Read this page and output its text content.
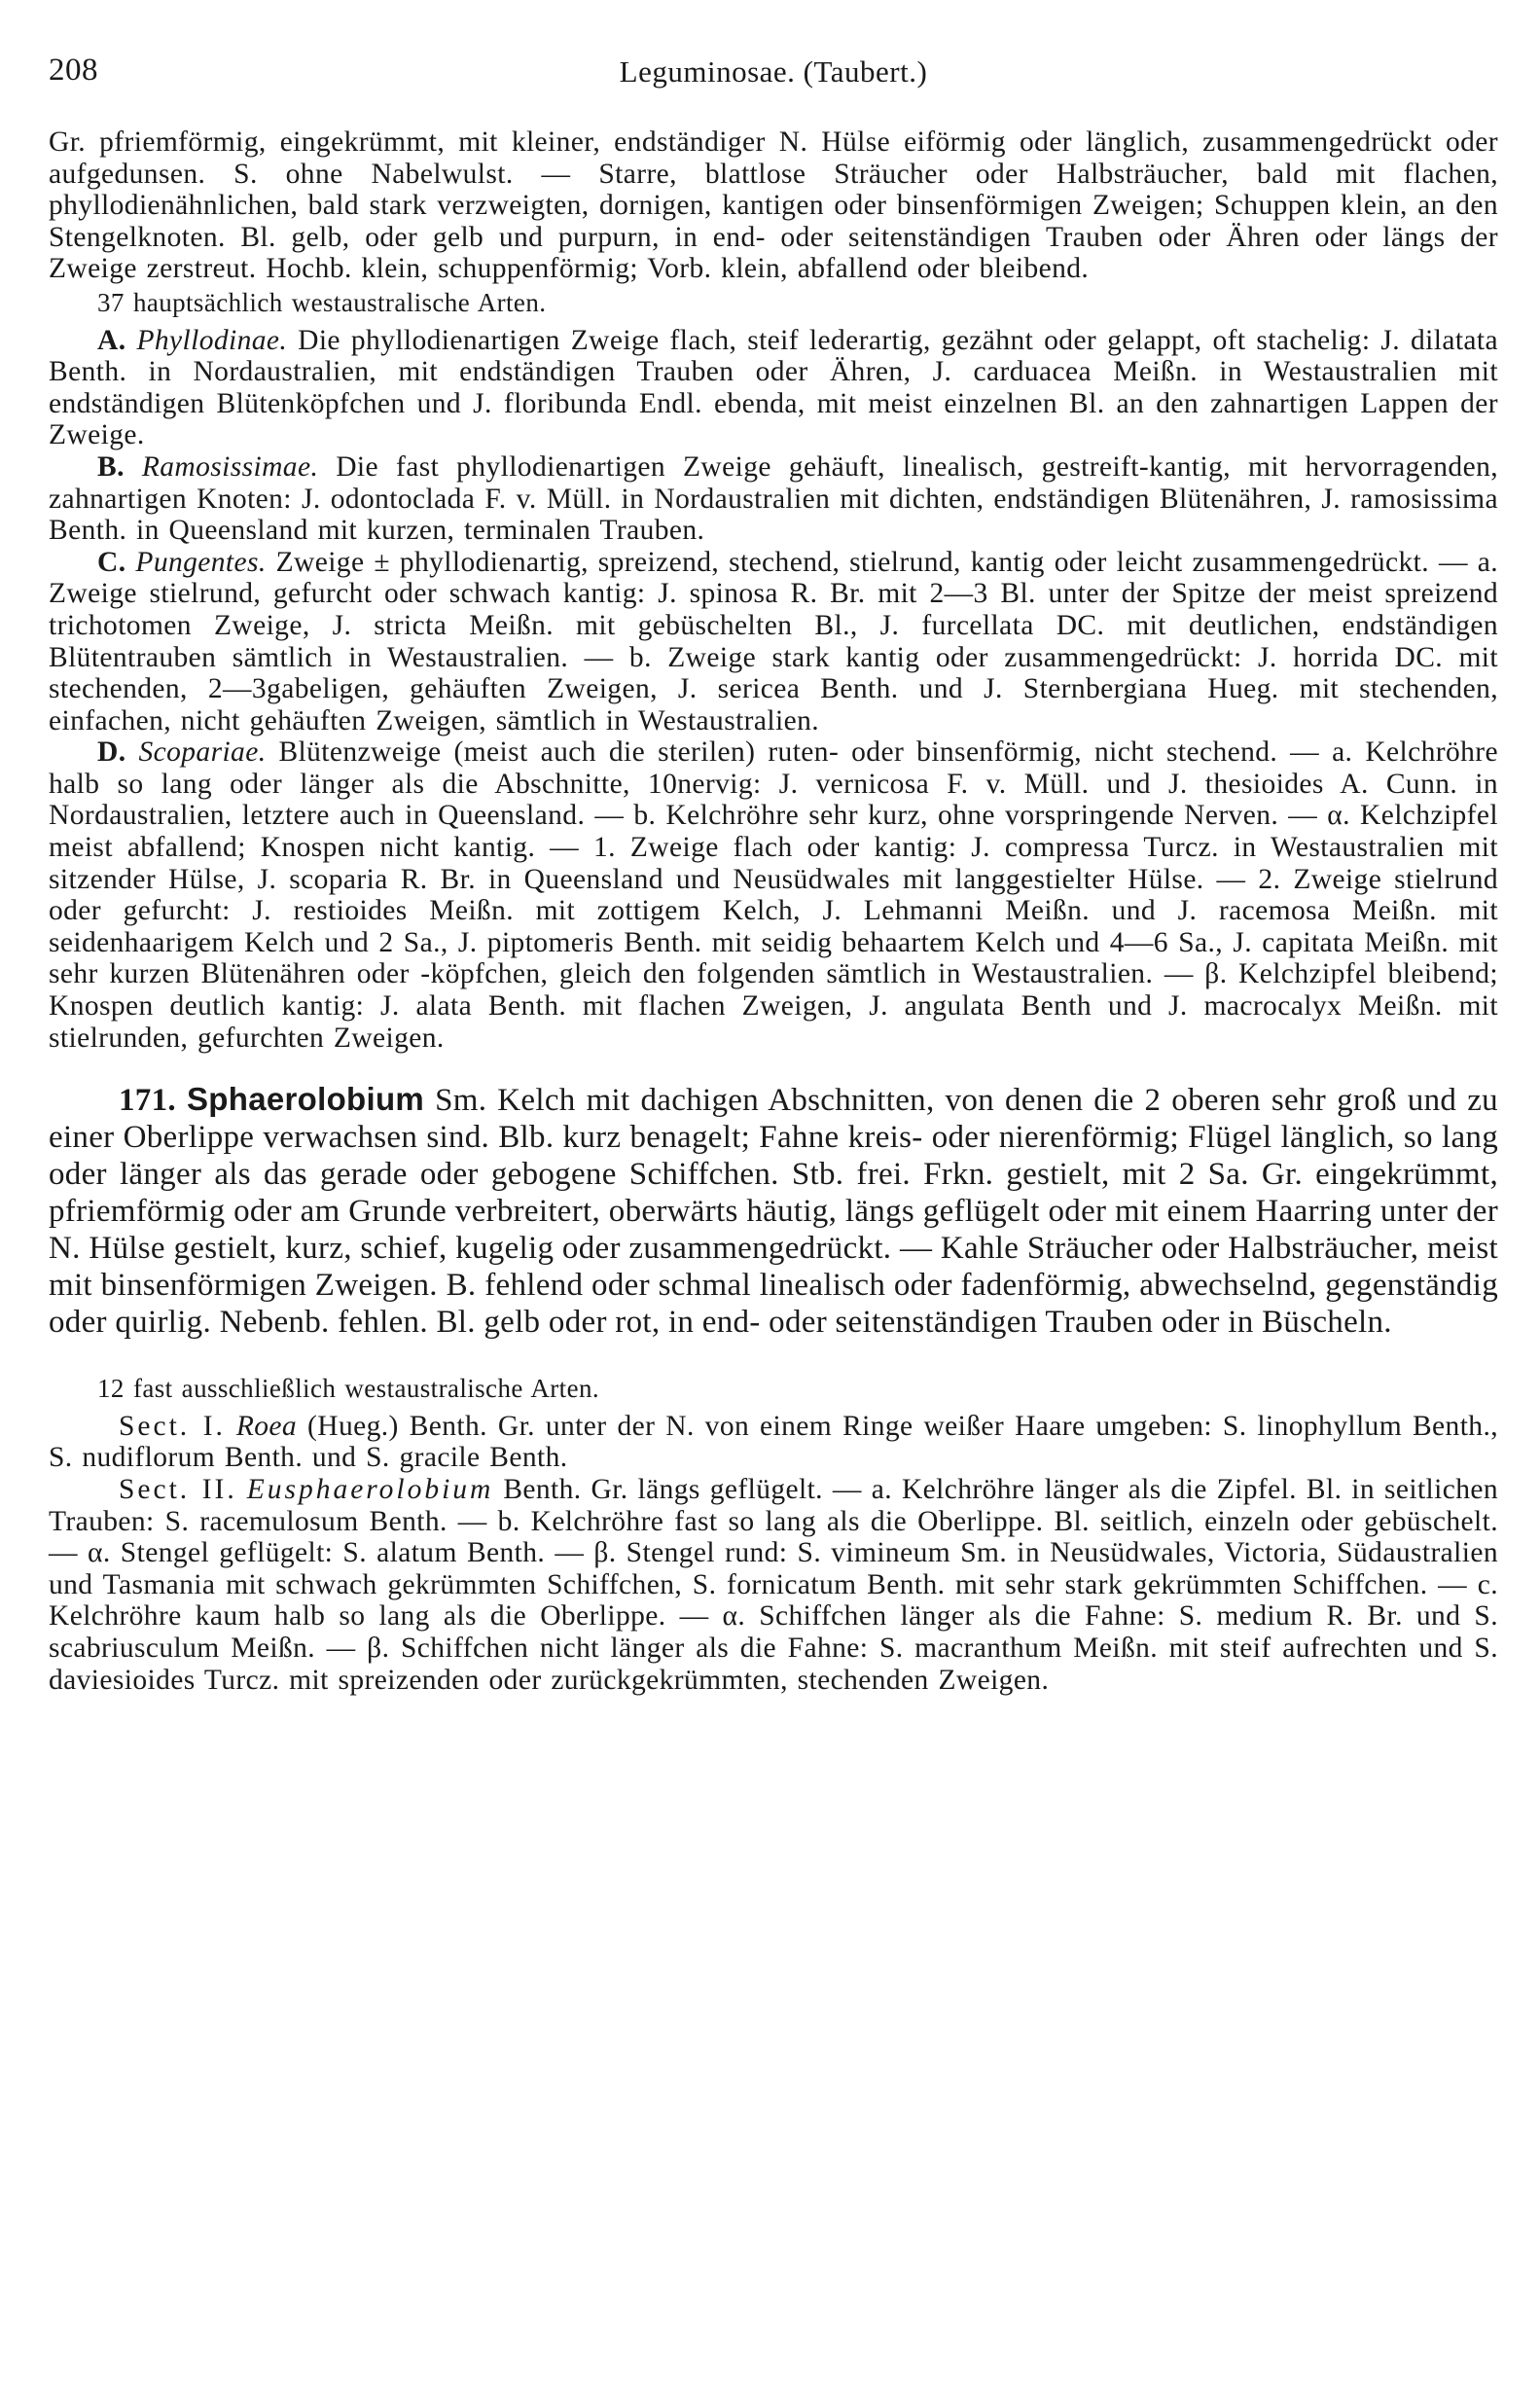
208	Leguminosae. (Taubert.)

Gr. pfriemförmig, eingekrümmt, mit kleiner, endständiger N. Hülse eiförmig oder länglich, zusammengedrückt oder aufgedunsen. S. ohne Nabelwulst. — Starre, blattlose Sträucher oder Halbsträucher, bald mit flachen, phyllodienähnlichen, bald stark verzweigten, dornigen, kantigen oder binsenförmigen Zweigen; Schuppen klein, an den Stengelknoten. Bl. gelb, oder gelb und purpurn, in end- oder seitenständigen Trauben oder Ähren oder längs der Zweige zerstreut. Hochb. klein, schuppenförmig; Vorb. klein, abfallend oder bleibend.

37 hauptsächlich westaustralische Arten.

A. Phyllodinae. Die phyllodienartigen Zweige flach, steif lederartig, gezähnt oder gelappt, oft stachelig: J. dilatata Benth. in Nordaustralien, mit endständigen Trauben oder Ähren, J. carduacea Meißn. in Westaustralien mit endständigen Blütenköpfchen und J. floribunda Endl. ebenda, mit meist einzelnen Bl. an den zahnartigen Lappen der Zweige.

B. Ramosissimae. Die fast phyllodienartigen Zweige gehäuft, linealisch, gestreift-kantig, mit hervorragenden, zahnartigen Knoten: J. odontoclada F. v. Müll. in Nordaustralien mit dichten, endständigen Blütenähren, J. ramosissima Benth. in Queensland mit kurzen, terminalen Trauben.

C. Pungentes. Zweige ± phyllodienartig, spreizend, stechend, stielrund, kantig oder leicht zusammengedrückt. — a. Zweige stielrund, gefurcht oder schwach kantig: J. spinosa R. Br. mit 2—3 Bl. unter der Spitze der meist spreizend trichotomen Zweige, J. stricta Meißn. mit gebüschelten Bl., J. furcellata DC. mit deutlichen, endständigen Blütentrauben sämtlich in Westaustralien. — b. Zweige stark kantig oder zusammengedrückt: J. horrida DC. mit stechenden, 2—3gabeligen, gehäuften Zweigen, J. sericea Benth. und J. Sternbergiana Hueg. mit stechenden, einfachen, nicht gehäuften Zweigen, sämtlich in Westaustralien.

D. Scopariae. Blütenzweige (meist auch die sterilen) ruten- oder binsenförmig, nicht stechend. — a. Kelchröhre halb so lang oder länger als die Abschnitte, 10nervig: J. vernicosa F. v. Müll. und J. thesioides A. Cunn. in Nordaustralien, letztere auch in Queensland. — b. Kelchröhre sehr kurz, ohne vorspringende Nerven. — α. Kelchzipfel meist abfallend; Knospen nicht kantig. — 1. Zweige flach oder kantig: J. compressa Turcz. in Westaustralien mit sitzender Hülse, J. scoparia R. Br. in Queensland und Neusüdwales mit langgestielter Hülse. — 2. Zweige stielrund oder gefurcht: J. restioides Meißn. mit zottigem Kelch, J. Lehmanni Meißn. und J. racemosa Meißn. mit seidenhaarigem Kelch und 2 Sa., J. piptomeris Benth. mit seidig behaartem Kelch und 4—6 Sa., J. capitata Meißn. mit sehr kurzen Blütenähren oder -köpfchen, gleich den folgenden sämtlich in Westaustralien. — β. Kelchzipfel bleibend; Knospen deutlich kantig: J. alata Benth. mit flachen Zweigen, J. angulata Benth und J. macrocalyx Meißn. mit stielrunden, gefurchten Zweigen.

171. Sphaerolobium Sm. Kelch mit dachigen Abschnitten, von denen die 2 oberen sehr groß und zu einer Oberlippe verwachsen sind. Blb. kurz benagelt; Fahne kreis- oder nierenförmig; Flügel länglich, so lang oder länger als das gerade oder gebogene Schiffchen. Stb. frei. Frkn. gestielt, mit 2 Sa. Gr. eingekrümmt, pfriemförmig oder am Grunde verbreitert, oberwärts häutig, längs geflügelt oder mit einem Haarring unter der N. Hülse gestielt, kurz, schief, kugelig oder zusammengedrückt. — Kahle Sträucher oder Halbsträucher, meist mit binsenförmigen Zweigen. B. fehlend oder schmal linealisch oder fadenförmig, abwechselnd, gegenständig oder quirlig. Nebenb. fehlen. Bl. gelb oder rot, in end- oder seitenständigen Trauben oder in Büscheln.

12 fast ausschließlich westaustralische Arten.

Sect. I. Roea (Hueg.) Benth. Gr. unter der N. von einem Ringe weißer Haare umgeben: S. linophyllum Benth., S. nudiflorum Benth. und S. gracile Benth.

Sect. II. Eusphaerolobium Benth. Gr. längs geflügelt. — a. Kelchröhre länger als die Zipfel. Bl. in seitlichen Trauben: S. racemulosum Benth. — b. Kelchröhre fast so lang als die Oberlippe. Bl. seitlich, einzeln oder gebüschelt. — α. Stengel geflügelt: S. alatum Benth. — β. Stengel rund: S. vimineum Sm. in Neusüdwales, Victoria, Südaustralien und Tasmania mit schwach gekrümmten Schiffchen, S. fornicatum Benth. mit sehr stark gekrümmten Schiffchen. — c. Kelchröhre kaum halb so lang als die Oberlippe. — α. Schiffchen länger als die Fahne: S. medium R. Br. und S. scabriusculum Meißn. — β. Schiffchen nicht länger als die Fahne: S. macranthum Meißn. mit steif aufrechten und S. daviesioides Turcz. mit spreizenden oder zurückgekrümmten, stechenden Zweigen.
